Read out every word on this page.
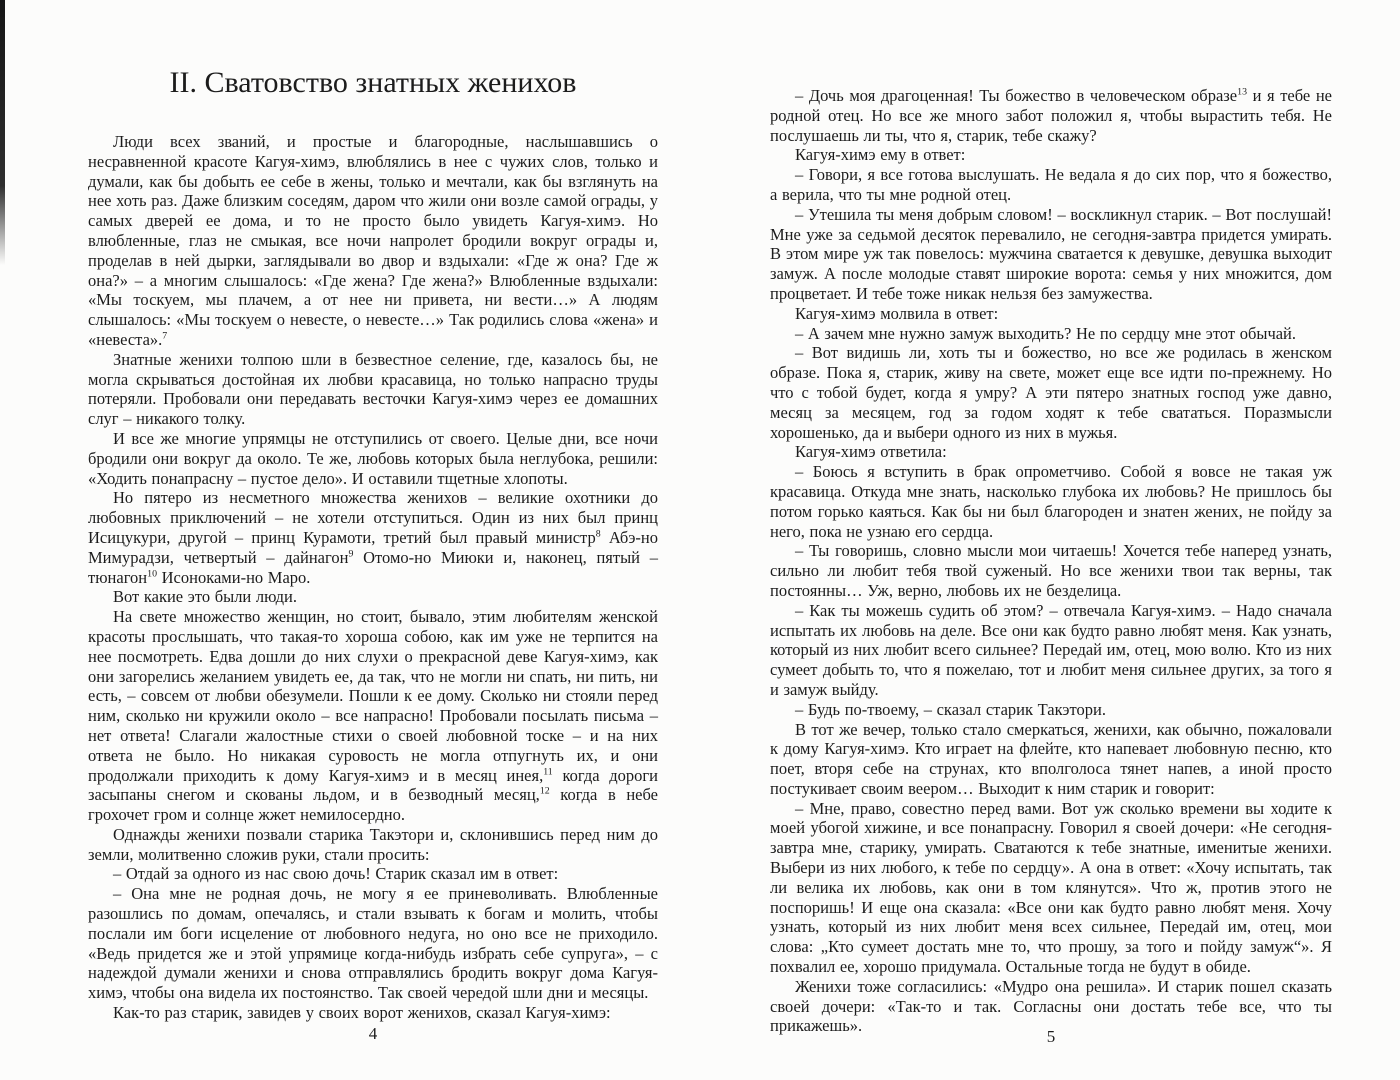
II. Сватовство знатных женихов

Люди всех званий, и простые и благородные, наслышавшись о несравненной красоте Кагуя-химэ, влюблялись в нее с чужих слов, только и думали, как бы добыть ее себе в жены, только и мечтали, как бы взглянуть на нее хоть раз. Даже близким соседям, даром что жили они возле самой ограды, у самых дверей ее дома, и то не просто было увидеть Кагуя-химэ. Но влюбленные, глаз не смыкая, все ночи напролет бродили вокруг ограды и, проделав в ней дырки, заглядывали во двор и вздыхали: «Где ж она? Где ж она?» – а многим слышалось: «Где жена? Где жена?» Влюбленные вздыхали: «Мы тоскуем, мы плачем, а от нее ни привета, ни вести…» А людям слышалось: «Мы тоскуем о невесте, о невесте…» Так родились слова «жена» и «невеста».$^7$

Знатные женихи толпою шли в безвестное селение, где, казалось бы, не могла скрываться достойная их любви красавица, но только напрасно труды потеряли. Пробовали они передавать весточки Кагуя-химэ через ее домашних слуг – никакого толку.

И все же многие упрямцы не отступились от своего. Целые дни, все ночи бродили они вокруг да около. Те же, любовь которых была неглубока, решили: «Ходить понапрасну – пустое дело». И оставили тщетные хлопоты.

Но пятеро из несметного множества женихов – великие охотники до любовных приключений – не хотели отступиться. Один из них был принц Исицукури, другой – принц Курамоти, третий был правый министр$^8$ Абэ-но Мимурадзи, четвертый – дайнагон$^9$ Отомо-но Миюки и, наконец, пятый – тюнагон$^{10}$ Исоноками-но Маро.

Вот какие это были люди.

На свете множество женщин, но стоит, бывало, этим любителям женской красоты прослышать, что такая-то хороша собою, как им уже не терпится на нее посмотреть. Едва дошли до них слухи о прекрасной деве Кагуя-химэ, как они загорелись желанием увидеть ее, да так, что не могли ни спать, ни пить, ни есть, – совсем от любви обезумели. Пошли к ее дому. Сколько ни стояли перед ним, сколько ни кружили около – все напрасно! Пробовали посылать письма – нет ответа! Слагали жалостные стихи о своей любовной тоске – и на них ответа не было. Но никакая суровость не могла отпугнуть их, и они продолжали приходить к дому Кагуя-химэ и в месяц инея,$^{11}$ когда дороги засыпаны снегом и скованы льдом, и в безводный месяц,$^{12}$ когда в небе грохочет гром и солнце жжет немилосердно.

Однажды женихи позвали старика Такэтори и, склонившись перед ним до земли, молитвенно сложив руки, стали просить:

– Отдай за одного из нас свою дочь! Старик сказал им в ответ:

– Она мне не родная дочь, не могу я ее приневоливать. Влюбленные разошлись по домам, опечалясь, и стали взывать к богам и молить, чтобы послали им боги исцеление от любовного недуга, но оно все не приходило. «Ведь придется же и этой упрямице когда-нибудь избрать себе супруга», – с надеждой думали женихи и снова отправлялись бродить вокруг дома Кагуя-химэ, чтобы она видела их постоянство. Так своей чередой шли дни и месяцы.

Как-то раз старик, завидев у своих ворот женихов, сказал Кагуя-химэ:

4

– Дочь моя драгоценная! Ты божество в человеческом образе$^{13}$ и я тебе не родной отец. Но все же много забот положил я, чтобы вырастить тебя. Не послушаешь ли ты, что я, старик, тебе скажу?

Кагуя-химэ ему в ответ:

– Говори, я все готова выслушать. Не ведала я до сих пор, что я божество, а верила, что ты мне родной отец.

– Утешила ты меня добрым словом! – воскликнул старик. – Вот послушай! Мне уже за седьмой десяток перевалило, не сегодня-завтра придется умирать. В этом мире уж так повелось: мужчина сватается к девушке, девушка выходит замуж. А после молодые ставят широкие ворота: семья у них множится, дом процветает. И тебе тоже никак нельзя без замужества.

Кагуя-химэ молвила в ответ:

– А зачем мне нужно замуж выходить? Не по сердцу мне этот обычай.

– Вот видишь ли, хоть ты и божество, но все же родилась в женском образе. Пока я, старик, живу на свете, может еще все идти по-прежнему. Но что с тобой будет, когда я умру? А эти пятеро знатных господ уже давно, месяц за месяцем, год за годом ходят к тебе свататься. Поразмысли хорошенько, да и выбери одного из них в мужья.

Кагуя-химэ ответила:

– Боюсь я вступить в брак опрометчиво. Собой я вовсе не такая уж красавица. Откуда мне знать, насколько глубока их любовь? Не пришлось бы потом горько каяться. Как бы ни был благороден и знатен жених, не пойду за него, пока не узнаю его сердца.

– Ты говоришь, словно мысли мои читаешь! Хочется тебе наперед узнать, сильно ли любит тебя твой суженый. Но все женихи твои так верны, так постоянны… Уж, верно, любовь их не безделица.

– Как ты можешь судить об этом? – отвечала Кагуя-химэ. – Надо сначала испытать их любовь на деле. Все они как будто равно любят меня. Как узнать, который из них любит всего сильнее? Передай им, отец, мою волю. Кто из них сумеет добыть то, что я пожелаю, тот и любит меня сильнее других, за того я и замуж выйду.

– Будь по-твоему, – сказал старик Такэтори.

В тот же вечер, только стало смеркаться, женихи, как обычно, пожаловали к дому Кагуя-химэ. Кто играет на флейте, кто напевает любовную песню, кто поет, вторя себе на струнах, кто вполголоса тянет напев, а иной просто постукивает своим веером… Выходит к ним старик и говорит:

– Мне, право, совестно перед вами. Вот уж сколько времени вы ходите к моей убогой хижине, и все понапрасну. Говорил я своей дочери: «Не сегодня-завтра мне, старику, умирать. Сватаются к тебе знатные, именитые женихи. Выбери из них любого, к тебе по сердцу». А она в ответ: «Хочу испытать, так ли велика их любовь, как они в том клянутся». Что ж, против этого не поспоришь! И еще она сказала: «Все они как будто равно любят меня. Хочу узнать, который из них любит меня всех сильнее, Передай им, отец, мои слова: „Кто сумеет достать мне то, что прошу, за того и пойду замуж“». Я похвалил ее, хорошо придумала. Остальные тогда не будут в обиде.

Женихи тоже согласились: «Мудро она решила». И старик пошел сказать своей дочери: «Так-то и так. Согласны они достать тебе все, что ты прикажешь».

5
